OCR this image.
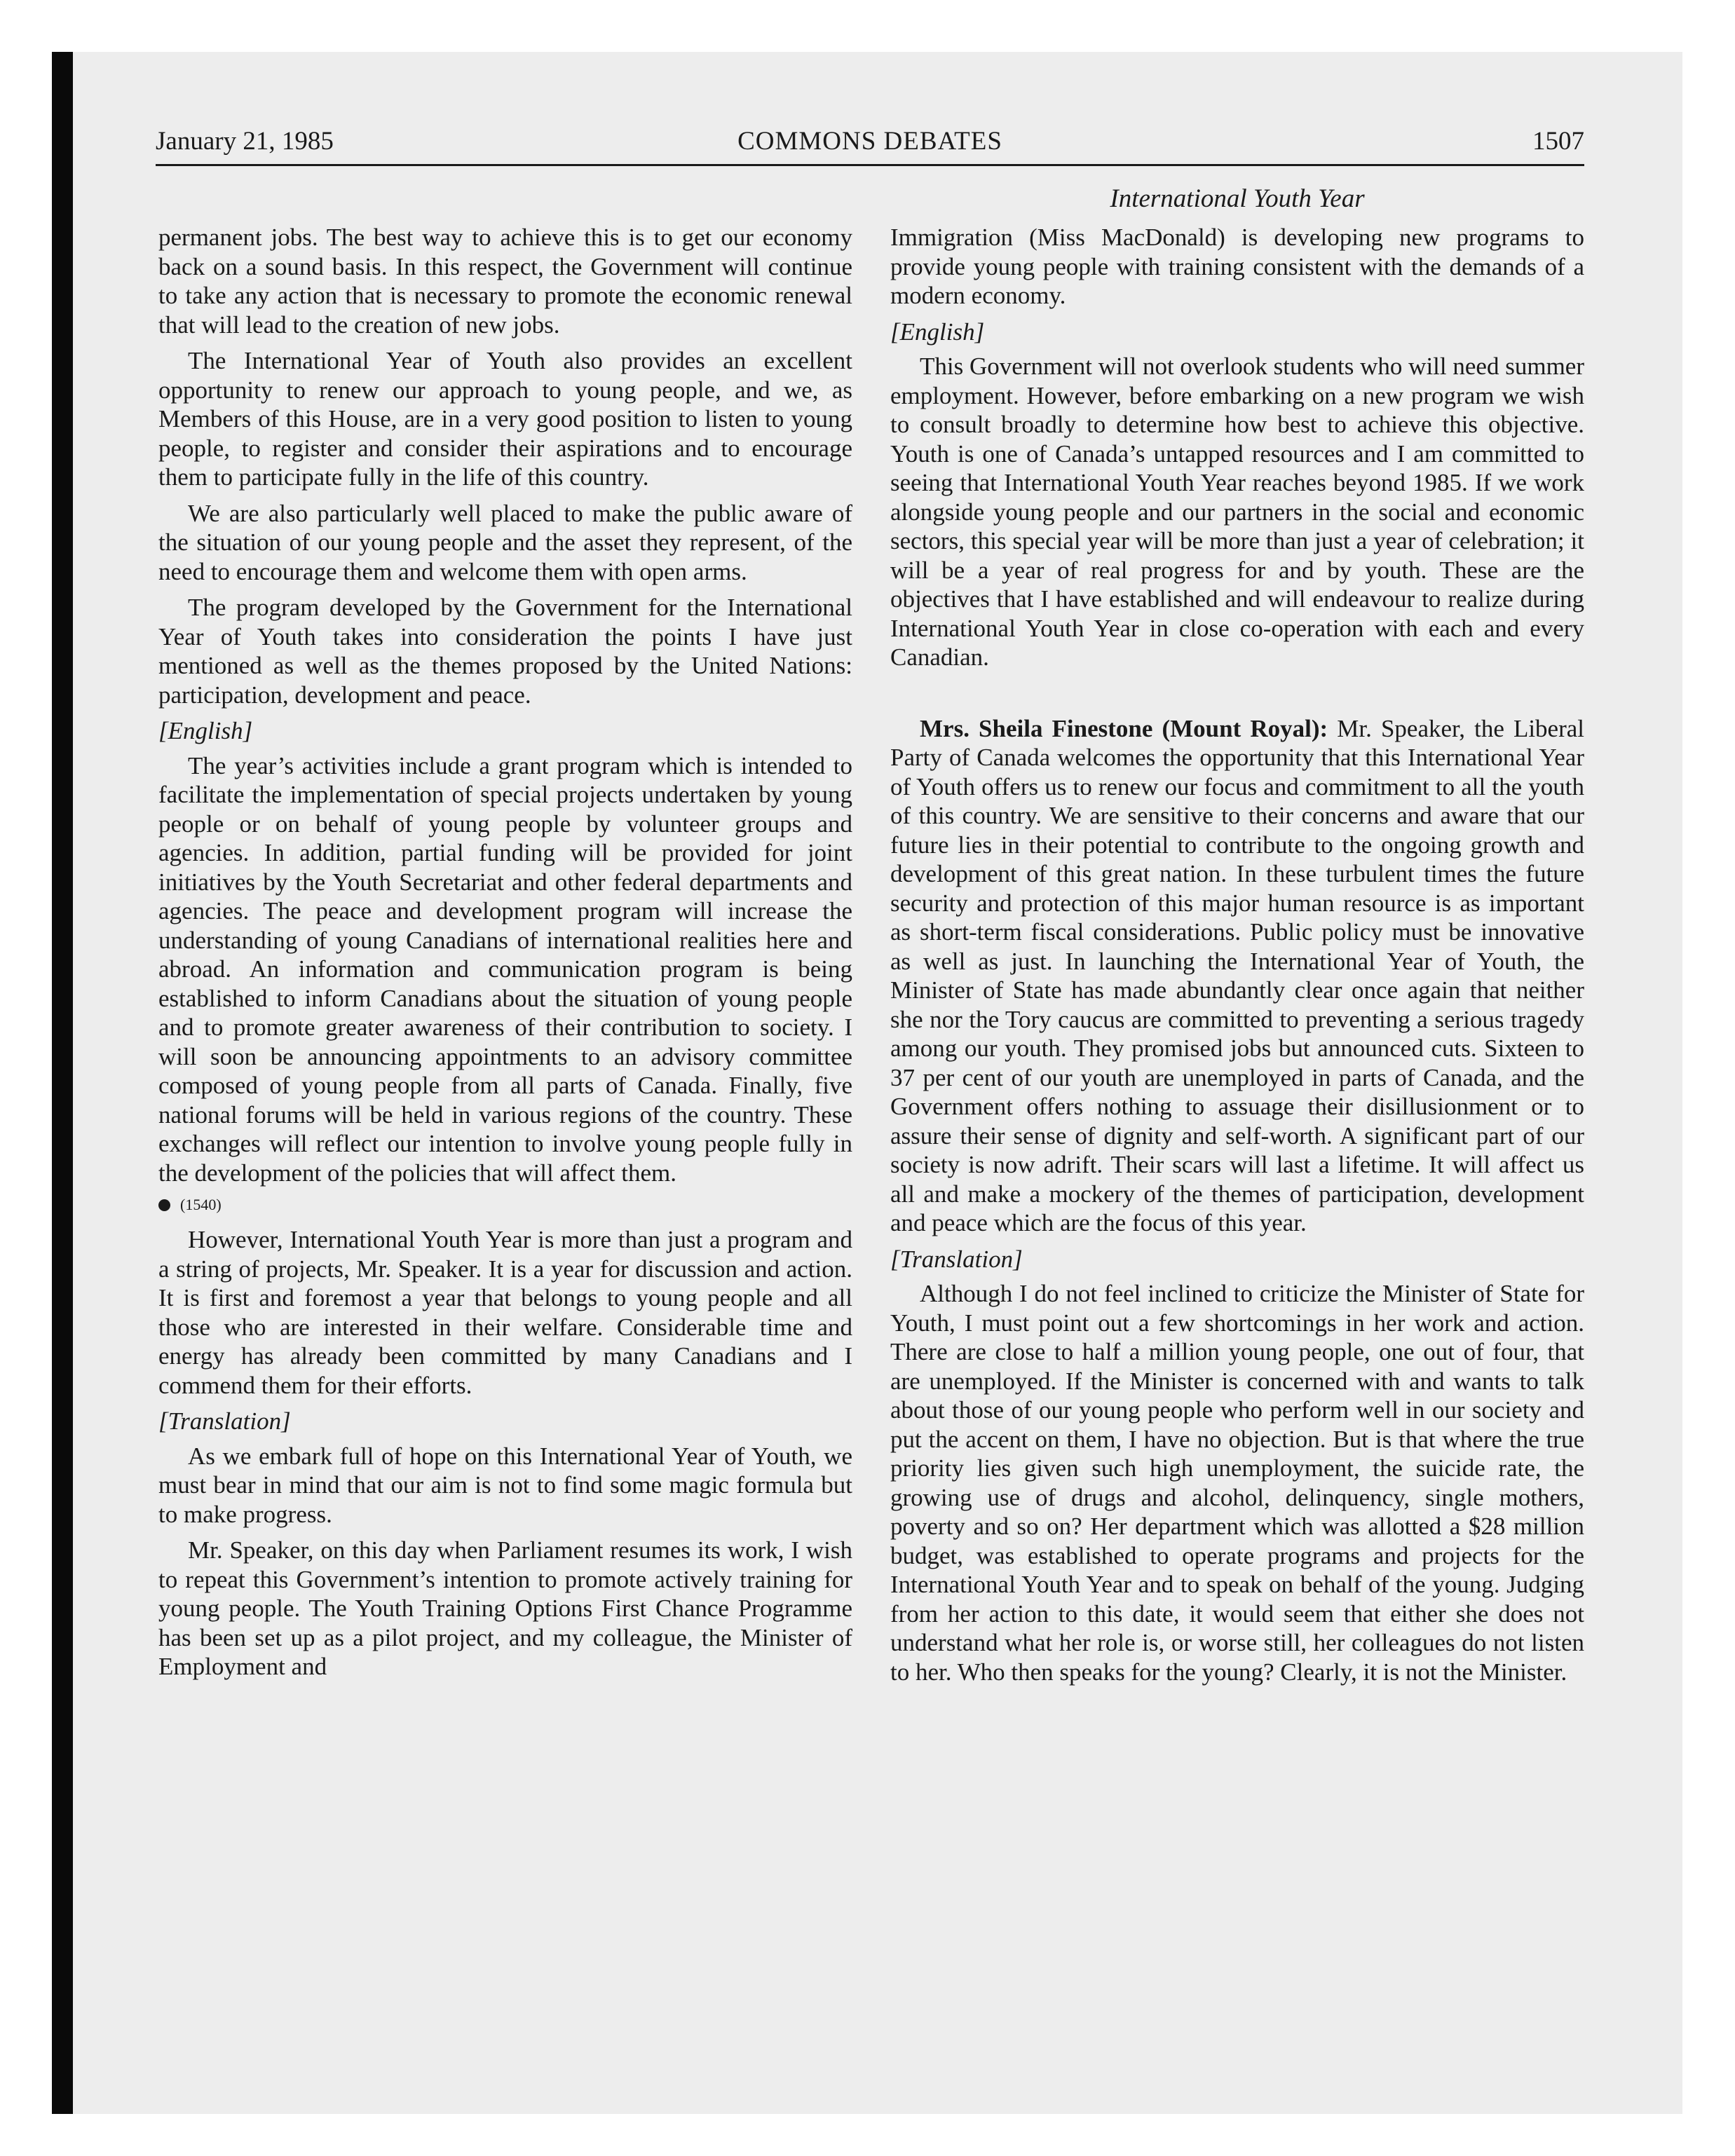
January 21, 1985	COMMONS DEBATES	1507
International Youth Year

permanent jobs. The best way to achieve this is to get our economy back on a sound basis. In this respect, the Government will continue to take any action that is necessary to promote the economic renewal that will lead to the creation of new jobs.

The International Year of Youth also provides an excellent opportunity to renew our approach to young people, and we, as Members of this House, are in a very good position to listen to young people, to register and consider their aspirations and to encourage them to participate fully in the life of this country.

We are also particularly well placed to make the public aware of the situation of our young people and the asset they represent, of the need to encourage them and welcome them with open arms.

The program developed by the Government for the International Year of Youth takes into consideration the points I have just mentioned as well as the themes proposed by the United Nations: participation, development and peace.

[English]

The year’s activities include a grant program which is intended to facilitate the implementation of special projects undertaken by young people or on behalf of young people by volunteer groups and agencies. In addition, partial funding will be provided for joint initiatives by the Youth Secretariat and other federal departments and agencies. The peace and development program will increase the understanding of young Canadians of international realities here and abroad. An information and communication program is being established to inform Canadians about the situation of young people and to promote greater awareness of their contribution to society. I will soon be announcing appointments to an advisory committee composed of young people from all parts of Canada. Finally, five national forums will be held in various regions of the country. These exchanges will reflect our intention to involve young people fully in the development of the policies that will affect them.

(1540)

However, International Youth Year is more than just a program and a string of projects, Mr. Speaker. It is a year for discussion and action. It is first and foremost a year that belongs to young people and all those who are interested in their welfare. Considerable time and energy has already been committed by many Canadians and I commend them for their efforts.

[Translation]

As we embark full of hope on this International Year of Youth, we must bear in mind that our aim is not to find some magic formula but to make progress.

Mr. Speaker, on this day when Parliament resumes its work, I wish to repeat this Government’s intention to promote actively training for young people. The Youth Training Options First Chance Programme has been set up as a pilot project, and my colleague, the Minister of Employment and

Immigration (Miss MacDonald) is developing new programs to provide young people with training consistent with the demands of a modern economy.

[English]

This Government will not overlook students who will need summer employment. However, before embarking on a new program we wish to consult broadly to determine how best to achieve this objective. Youth is one of Canada’s untapped resources and I am committed to seeing that International Youth Year reaches beyond 1985. If we work alongside young people and our partners in the social and economic sectors, this special year will be more than just a year of celebration; it will be a year of real progress for and by youth. These are the objectives that I have established and will endeavour to realize during International Youth Year in close co-operation with each and every Canadian.

Mrs. Sheila Finestone (Mount Royal): Mr. Speaker, the Liberal Party of Canada welcomes the opportunity that this International Year of Youth offers us to renew our focus and commitment to all the youth of this country. We are sensitive to their concerns and aware that our future lies in their potential to contribute to the ongoing growth and development of this great nation. In these turbulent times the future security and protection of this major human resource is as important as short-term fiscal considerations. Public policy must be innovative as well as just. In launching the International Year of Youth, the Minister of State has made abundantly clear once again that neither she nor the Tory caucus are committed to preventing a serious tragedy among our youth. They promised jobs but announced cuts. Sixteen to 37 per cent of our youth are unemployed in parts of Canada, and the Government offers nothing to assuage their disillusionment or to assure their sense of dignity and self-worth. A significant part of our society is now adrift. Their scars will last a lifetime. It will affect us all and make a mockery of the themes of participation, development and peace which are the focus of this year.

[Translation]

Although I do not feel inclined to criticize the Minister of State for Youth, I must point out a few shortcomings in her work and action. There are close to half a million young people, one out of four, that are unemployed. If the Minister is concerned with and wants to talk about those of our young people who perform well in our society and put the accent on them, I have no objection. But is that where the true priority lies given such high unemployment, the suicide rate, the growing use of drugs and alcohol, delinquency, single mothers, poverty and so on? Her department which was allotted a $28 million budget, was established to operate programs and projects for the International Youth Year and to speak on behalf of the young. Judging from her action to this date, it would seem that either she does not understand what her role is, or worse still, her colleagues do not listen to her. Who then speaks for the young? Clearly, it is not the Minister.
